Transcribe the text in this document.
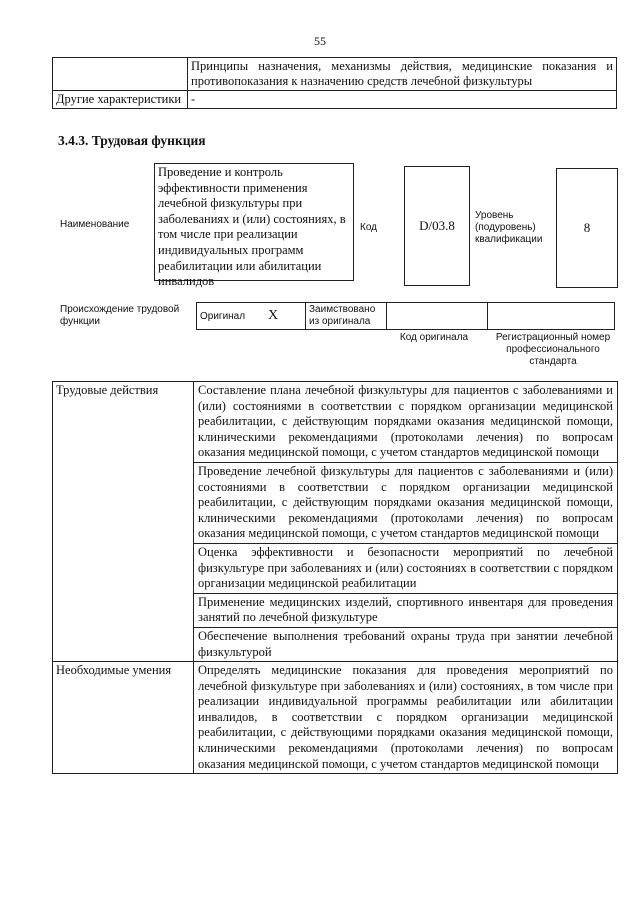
55
	Принципы назначения, механизмы действия, медицинские показания и противопоказания к назначению средств лечебной физкультуры
Другие характеристики	-
3.4.3. Трудовая функция
Наименование
Проведение и контроль эффективности применения лечебной физкультуры при заболеваниях и (или) состояниях, в том числе при реализации индивидуальных программ реабилитации или абилитации инвалидов
Код	D/03.8
Уровень (подуровень) квалификации
8
Происхождение трудовой функции	Оригинал	X	Заимствовано из оригинала		
Код оригинала	Регистрационный номер профессионального стандарта
Трудовые действия	Составление плана лечебной физкультуры для пациентов с заболеваниями и (или) состояниями в соответствии с порядком организации медицинской реабилитации, с действующим порядками оказания медицинской помощи, клиническими рекомендациями (протоколами лечения) по вопросам оказания медицинской помощи, с учетом стандартов медицинской помощи
	Проведение лечебной физкультуры для пациентов с заболеваниями и (или) состояниями в соответствии с порядком организации медицинской реабилитации, с действующим порядками оказания медицинской помощи, клиническими рекомендациями (протоколами лечения) по вопросам оказания медицинской помощи, с учетом стандартов медицинской помощи
	Оценка эффективности и безопасности мероприятий по лечебной физкультуре при заболеваниях и (или) состояниях в соответствии с порядком организации медицинской реабилитации
	Применение медицинских изделий, спортивного инвентаря для проведения занятий по лечебной физкультуре
	Обеспечение выполнения требований охраны труда при занятии лечебной физкультурой
Необходимые умения	Определять медицинские показания для проведения мероприятий по лечебной физкультуре при заболеваниях и (или) состояниях, в том числе при реализации индивидуальной программы реабилитации или абилитации инвалидов, в соответствии с порядком организации медицинской реабилитации, с действующими порядками оказания медицинской помощи, клиническими рекомендациями (протоколами лечения) по вопросам оказания медицинской помощи, с учетом стандартов медицинской помощи
